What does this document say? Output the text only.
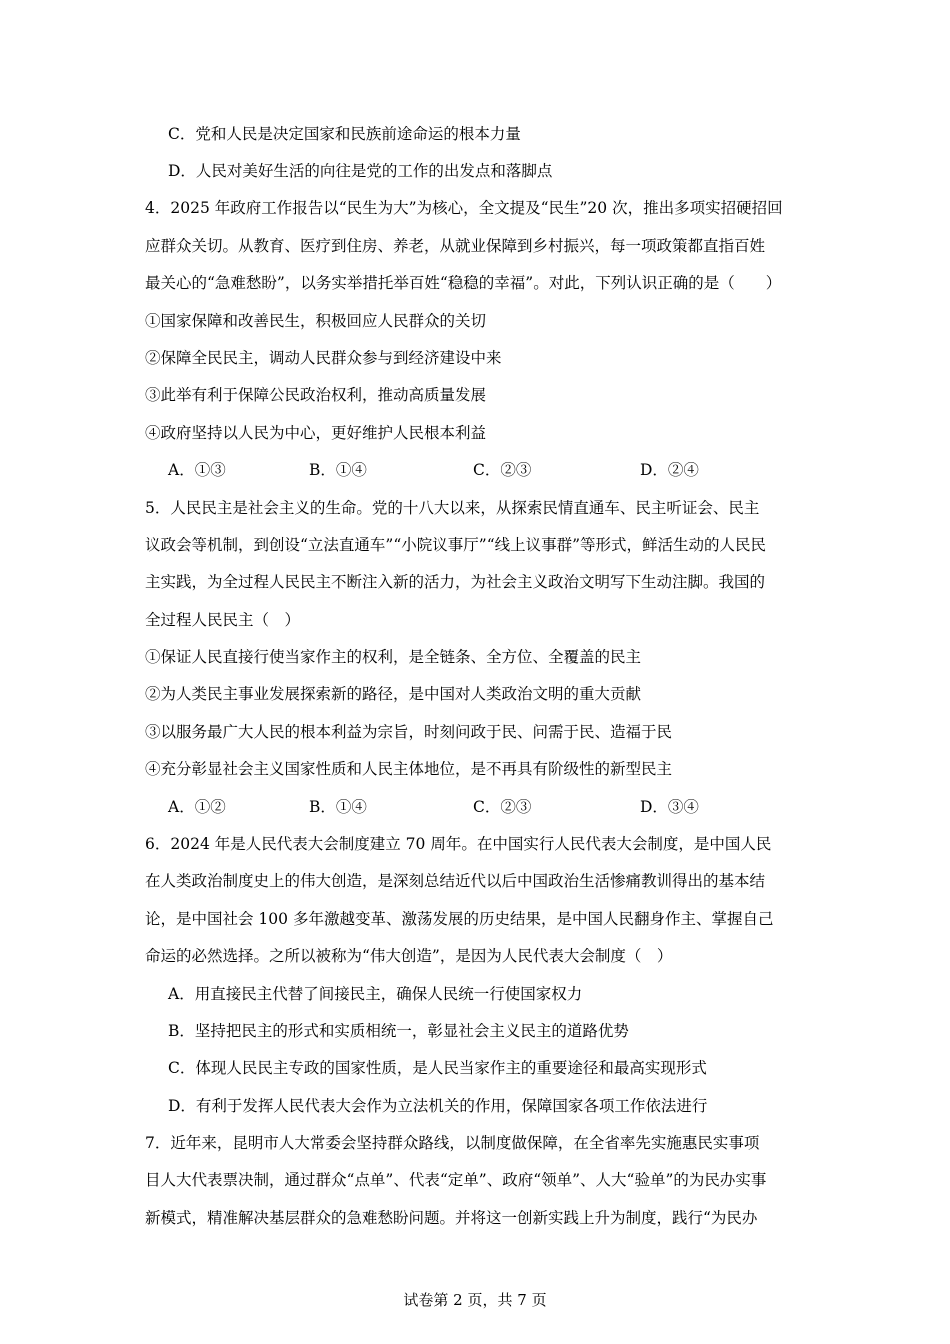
C．党和人民是决定国家和民族前途命运的根本力量
D．人民对美好生活的向往是党的工作的出发点和落脚点
4．2025 年政府工作报告以“民生为大”为核心，全文提及“民生”20 次，推出多项实招硬招回
应群众关切。从教育、医疗到住房、养老，从就业保障到乡村振兴，每一项政策都直指百姓
最关心的“急难愁盼”，以务实举措托举百姓“稳稳的幸福”。对此，下列认识正确的是（　　）
①国家保障和改善民生，积极回应人民群众的关切
②保障全民民主，调动人民群众参与到经济建设中来
③此举有利于保障公民政治权利，推动高质量发展
④政府坚持以人民为中心，更好维护人民根本利益
A．①③	B．①④	C．②③	D．②④
5．人民民主是社会主义的生命。党的十八大以来，从探索民情直通车、民主听证会、民主
议政会等机制，到创设“立法直通车”“小院议事厅”“线上议事群”等形式，鲜活生动的人民民
主实践，为全过程人民民主不断注入新的活力，为社会主义政治文明写下生动注脚。我国的
全过程人民民主（　）
①保证人民直接行使当家作主的权利，是全链条、全方位、全覆盖的民主
②为人类民主事业发展探索新的路径，是中国对人类政治文明的重大贡献
③以服务最广大人民的根本利益为宗旨，时刻问政于民、问需于民、造福于民
④充分彰显社会主义国家性质和人民主体地位，是不再具有阶级性的新型民主
A．①②	B．①④	C．②③	D．③④
6．2024 年是人民代表大会制度建立 70 周年。在中国实行人民代表大会制度，是中国人民
在人类政治制度史上的伟大创造，是深刻总结近代以后中国政治生活惨痛教训得出的基本结
论，是中国社会 100 多年激越变革、激荡发展的历史结果，是中国人民翻身作主、掌握自己
命运的必然选择。之所以被称为“伟大创造”，是因为人民代表大会制度（　）
A．用直接民主代替了间接民主，确保人民统一行使国家权力
B．坚持把民主的形式和实质相统一，彰显社会主义民主的道路优势
C．体现人民民主专政的国家性质，是人民当家作主的重要途径和最高实现形式
D．有利于发挥人民代表大会作为立法机关的作用，保障国家各项工作依法进行
7．近年来，昆明市人大常委会坚持群众路线，以制度做保障，在全省率先实施惠民实事项
目人大代表票决制，通过群众“点单”、代表“定单”、政府“领单”、人大“验单”的为民办实事
新模式，精准解决基层群众的急难愁盼问题。并将这一创新实践上升为制度，践行“为民办
试卷第 2 页，共 7 页
